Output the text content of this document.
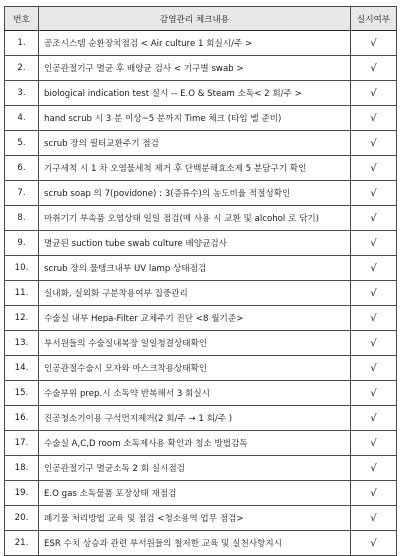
번호	감염관리 체크내용	실시여부
1.	공조시스템 순환장치점검 < Air culture 1 회실시/주 >	√
2.	인공관절기구 멸균 후 배양균 검사 < 기구별 swab >	√
3.	biological indication test 실시 -- E.O & Steam 소독< 2 회/주 >	√
4.	hand scrub 시 3 분 이상~5 분까지 Time 체크 (타임 벨 준비)	√
5.	scrub 장의 필터교환주기 점검	√
6.	기구세척 시 1 차 오염물세척 제거 후 단백분해효소제 5 분담구기 확인	√
7.	scrub soap 의 7(povidone) : 3(증류수)의 농도비율 적절성확인	√
8.	마취기기 부속품 오염상태 일일 점검(매 사용 시 교환 및 alcohol 로 닦기)	√
9.	멸균된 suction tube swab culture 배양균검사	√
10.	scrub 장의 물탱크내부 UV lamp 상태점검	√
11.	실내화, 실외화 구분착용여부 집중관리	√
12.	수술실 내부 Hepa-Filter 교체주기 진단 <8 월기준>	√
13.	부서원들의 수술실내복장 일일청결상태확인	√
14.	인공관절수술시 모자와 마스크착용상태확인	√
15.	수술부위 prep.시 소독약 반복해서 3 회실시	√
16.	진공청소기이용 구석먼지제거(2 회/주 → 1 회/주 )	√
17.	수술실 A,C,D room 소독제사용 확인과 청소 방법감독	√
18.	인공관절기구 멸균소독 2 회 실시점검	√
19.	E.O gas 소독물품 포장상태 재점검	√
20.	폐기물 처리방법 교육 및 점검 <청소용역 업무 점검>	√
21.	ESR 수치 상승과 관련 부서원들의 철저한 교육 및 실천사항지시	√
